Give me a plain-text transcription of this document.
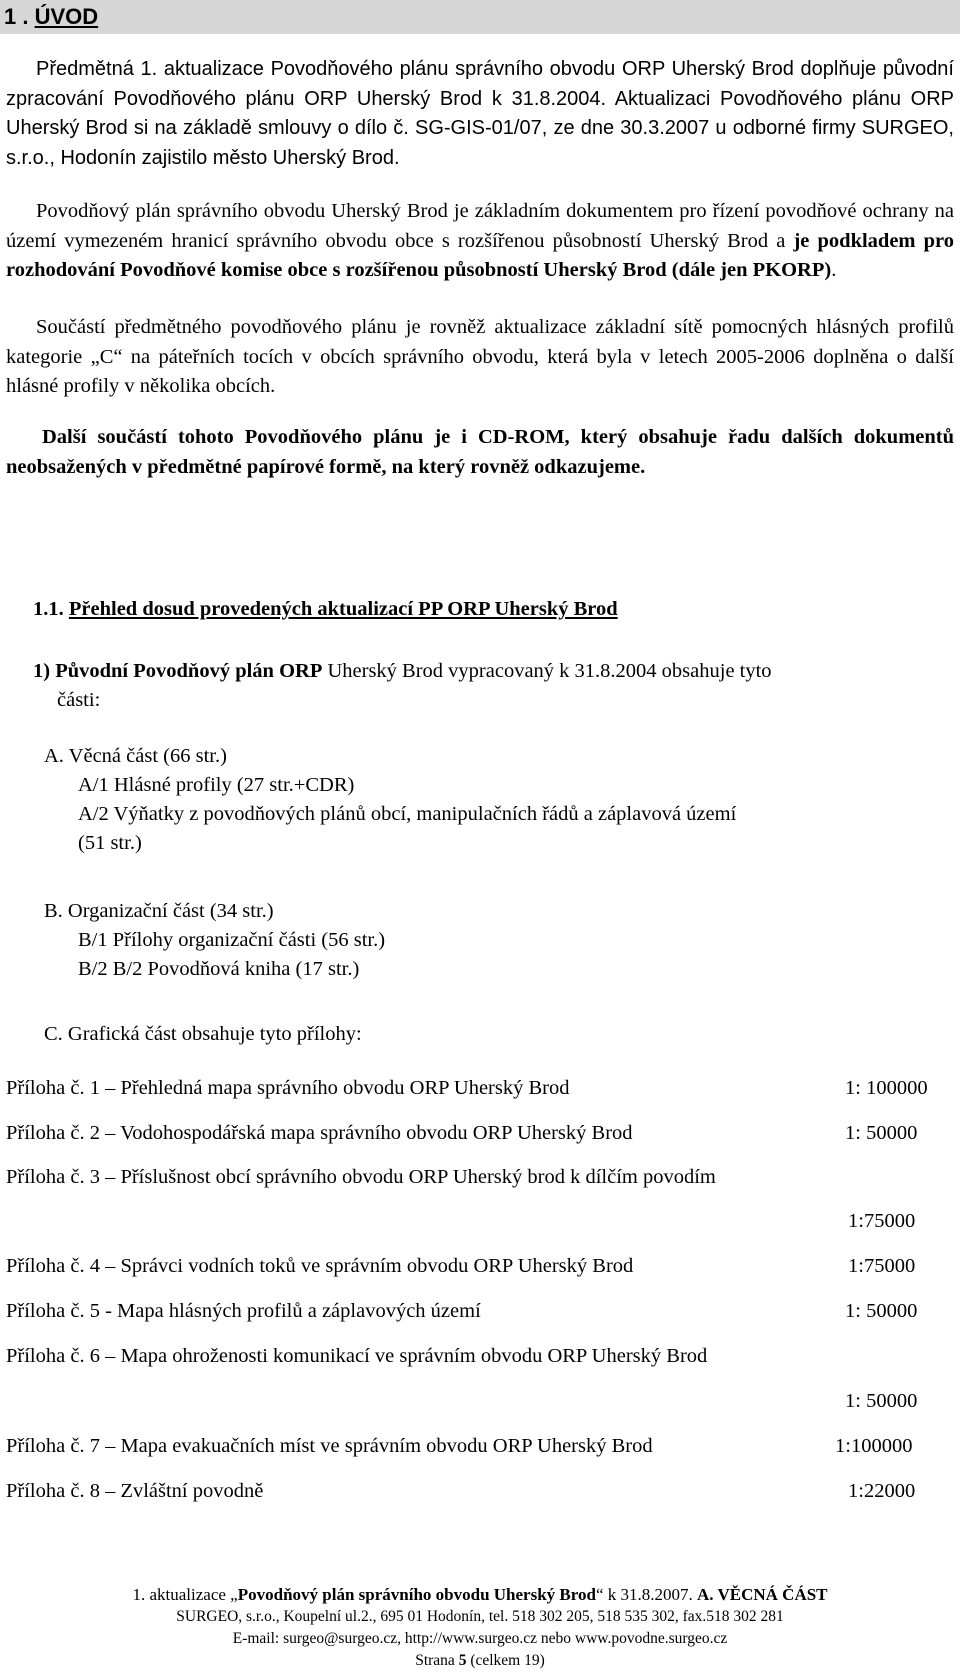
1 . ÚVOD
Předmětná 1. aktualizace Povodňového plánu správního obvodu ORP Uherský Brod doplňuje původní zpracování Povodňového plánu ORP Uherský Brod k 31.8.2004. Aktualizaci Povodňového plánu ORP Uherský Brod si na základě smlouvy o dílo č. SG-GIS-01/07, ze dne 30.3.2007 u odborné firmy SURGEO, s.r.o., Hodonín zajistilo město Uherský Brod.
Povodňový plán správního obvodu Uherský Brod je základním dokumentem pro řízení povodňové ochrany na území vymezeném hranicí správního obvodu obce s rozšířenou působností Uherský Brod a je podkladem pro rozhodování Povodňové komise obce s rozšířenou působností Uherský Brod (dále jen PKORP).
Součástí předmětného povodňového plánu je rovněž aktualizace základní sítě pomocných hlásných profilů kategorie „C“ na páteřních tocích v obcích správního obvodu, která byla v letech 2005-2006 doplněna o další hlásné profily v několika obcích.
Další součástí tohoto Povodňového plánu je i CD-ROM, který obsahuje řadu dalších dokumentů neobsažených v předmětné papírové formě, na který rovněž odkazujeme.
1.1. Přehled dosud provedených aktualizací PP ORP Uherský Brod
1) Původní Povodňový plán ORP Uherský Brod vypracovaný k 31.8.2004 obsahuje tyto
části:
A. Věcná část (66 str.)
A/1 Hlásné profily (27 str.+CDR)
A/2 Výňatky z povodňových plánů obcí, manipulačních řádů a záplavová území
(51 str.)
B. Organizační část (34 str.)
B/1 Přílohy organizační části (56 str.)
B/2 B/2 Povodňová kniha (17 str.)
C. Grafická část obsahuje tyto přílohy:
Příloha č. 1 – Přehledná mapa správního obvodu ORP Uherský Brod	1: 100000
Příloha č. 2 – Vodohospodářská mapa správního obvodu ORP Uherský Brod	1: 50000
Příloha č. 3 – Příslušnost obcí správního obvodu ORP Uherský brod k dílčím povodím
1:75000
Příloha č. 4 – Správci vodních toků ve správním obvodu ORP Uherský Brod	1:75000
Příloha č. 5 - Mapa hlásných profilů a záplavových území	1: 50000
Příloha č. 6 – Mapa ohroženosti komunikací ve správním obvodu ORP Uherský Brod
1: 50000
Příloha č. 7 – Mapa evakuačních míst ve správním obvodu ORP Uherský Brod	1:100000
Příloha č. 8 – Zvláštní povodně	1:22000
1. aktualizace „Povodňový plán správního obvodu Uherský Brod“ k 31.8.2007. A. VĚCNÁ ČÁST
SURGEO, s.r.o., Koupelní ul.2., 695 01 Hodonín, tel. 518 302 205, 518 535 302, fax.518 302 281
E-mail: surgeo@surgeo.cz, http://www.surgeo.cz nebo www.povodne.surgeo.cz
Strana 5 (celkem 19)
